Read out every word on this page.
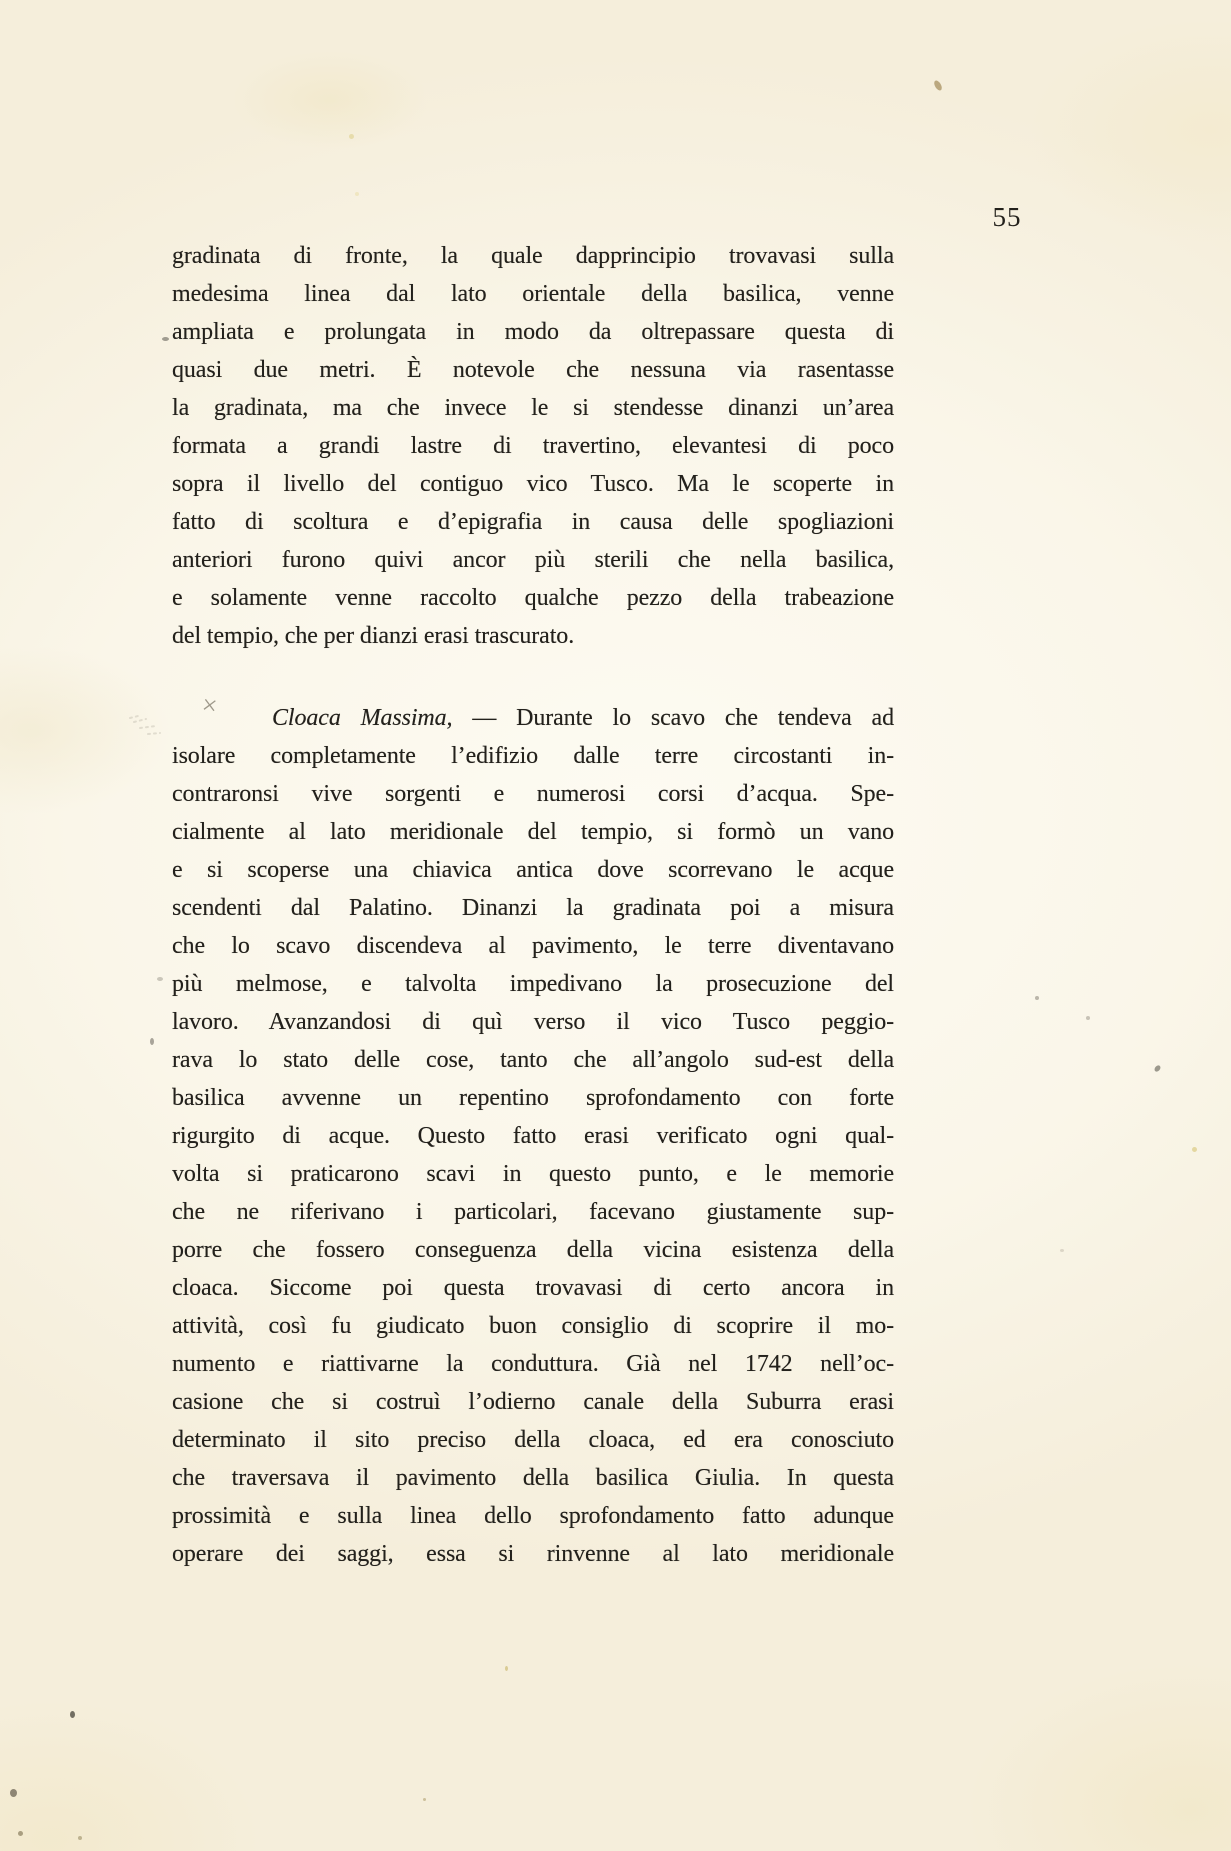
55
gradinata di fronte, la quale dapprincipio trovavasi sulla
medesima linea dal lato orientale della basilica, venne
ampliata e prolungata in modo da oltrepassare questa di
quasi due metri. È notevole che nessuna via rasentasse
la gradinata, ma che invece le si stendesse dinanzi un’area
formata a grandi lastre di travertino, elevantesi di poco
sopra il livello del contiguo vico Tusco. Ma le scoperte in
fatto di scoltura e d’epigrafia in causa delle spogliazioni
anteriori furono quivi ancor più sterili che nella basilica,
e solamente venne raccolto qualche pezzo della trabeazione
del tempio, che per dianzi erasi trascurato.
Cloaca Massima, — Durante lo scavo che tendeva ad
isolare completamente l’edifizio dalle terre circostanti in-
contraronsi vive sorgenti e numerosi corsi d’acqua. Spe-
cialmente al lato meridionale del tempio, si formò un vano
e si scoperse una chiavica antica dove scorrevano le acque
scendenti dal Palatino. Dinanzi la gradinata poi a misura
che lo scavo discendeva al pavimento, le terre diventavano
più melmose, e talvolta impedivano la prosecuzione del
lavoro. Avanzandosi di quì verso il vico Tusco peggio-
rava lo stato delle cose, tanto che all’angolo sud-est della
basilica avvenne un repentino sprofondamento con forte
rigurgito di acque. Questo fatto erasi verificato ogni qual-
volta si praticarono scavi in questo punto, e le memorie
che ne riferivano i particolari, facevano giustamente sup-
porre che fossero conseguenza della vicina esistenza della
cloaca. Siccome poi questa trovavasi di certo ancora in
attività, così fu giudicato buon consiglio di scoprire il mo-
numento e riattivarne la conduttura. Già nel 1742 nell’oc-
casione che si costruì l’odierno canale della Suburra erasi
determinato il sito preciso della cloaca, ed era conosciuto
che traversava il pavimento della basilica Giulia. In questa
prossimità e sulla linea dello sprofondamento fatto adunque
operare dei saggi, essa si rinvenne al lato meridionale
×
